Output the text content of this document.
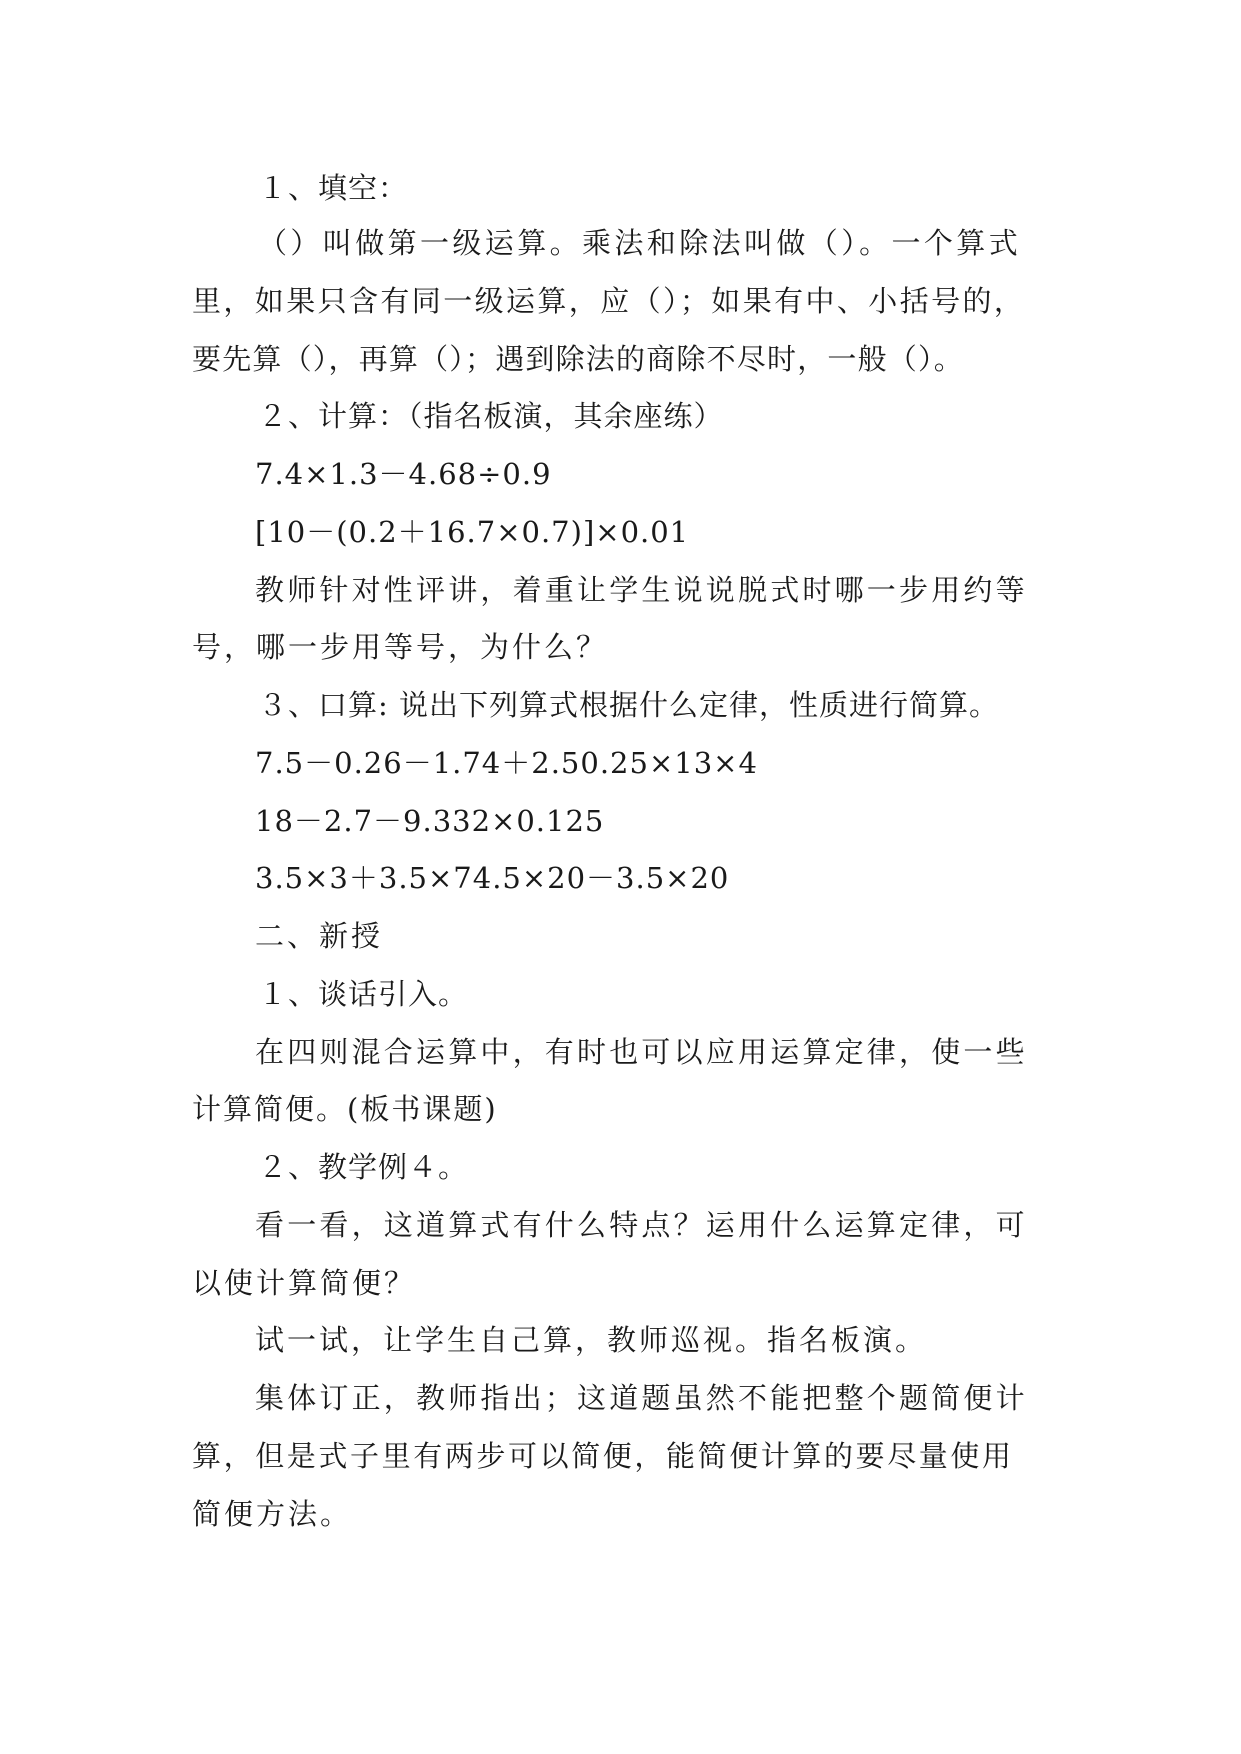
１、填空：
（）叫做第一级运算。乘法和除法叫做（）。一个算式
里，如果只含有同一级运算，应（）；如果有中、小括号的，
要先算（），再算（）；遇到除法的商除不尽时，一般（）。
２、计算：（指名板演，其余座练）
7.4×1.3－4.68÷0.9
[10－(0.2＋16.7×0.7)]×0.01
教师针对性评讲，着重让学生说说脱式时哪一步用约等
号，哪一步用等号，为什么？
３、口算: 说出下列算式根据什么定律，性质进行简算。
7.5－0.26－1.74＋2.50.25×13×4
18－2.7－9.332×0.125
3.5×3＋3.5×74.5×20－3.5×20
二、新授
１、谈话引入。
在四则混合运算中，有时也可以应用运算定律，使一些
计算简便。(板书课题)
２、教学例４。
看一看，这道算式有什么特点？运用什么运算定律，可
以使计算简便？
试一试，让学生自己算，教师巡视。指名板演。
集体订正，教师指出；这道题虽然不能把整个题简便计
算，但是式子里有两步可以简便，能简便计算的要尽量使用
简便方法。
